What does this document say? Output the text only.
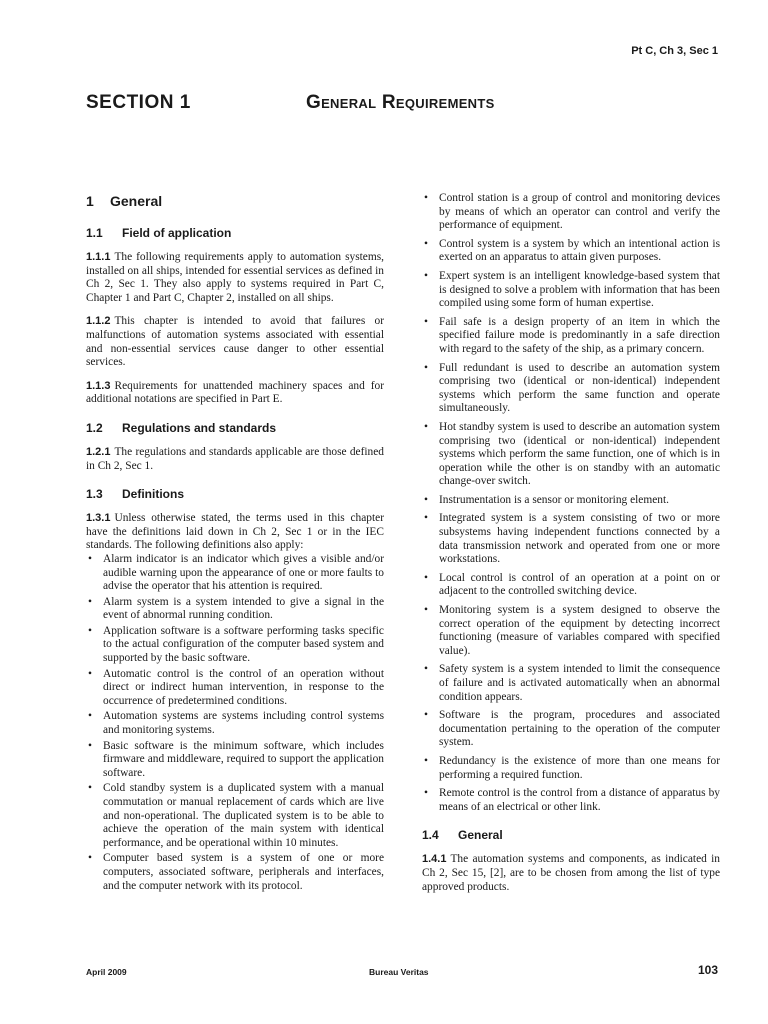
Pt C, Ch 3, Sec 1
SECTION 1	General Requirements
1 General
1.1 Field of application

1.1.1 The following requirements apply to automation systems, installed on all ships, intended for essential services as defined in Ch 2, Sec 1. They also apply to systems required in Part C, Chapter 1 and Part C, Chapter 2, installed on all ships.

1.1.2 This chapter is intended to avoid that failures or malfunctions of automation systems associated with essential and non-essential services cause danger to other essential services.

1.1.3 Requirements for unattended machinery spaces and for additional notations are specified in Part E.

1.2 Regulations and standards

1.2.1 The regulations and standards applicable are those defined in Ch 2, Sec 1.

1.3 Definitions

1.3.1 Unless otherwise stated, the terms used in this chapter have the definitions laid down in Ch 2, Sec 1 or in the IEC standards. The following definitions also apply:

• Alarm indicator is an indicator which gives a visible and/or audible warning upon the appearance of one or more faults to advise the operator that his attention is required.
• Alarm system is a system intended to give a signal in the event of abnormal running condition.
• Application software is a software performing tasks specific to the actual configuration of the computer based system and supported by the basic software.
• Automatic control is the control of an operation without direct or indirect human intervention, in response to the occurrence of predetermined conditions.
• Automation systems are systems including control systems and monitoring systems.
• Basic software is the minimum software, which includes firmware and middleware, required to support the application software.
• Cold standby system is a duplicated system with a manual commutation or manual replacement of cards which are live and non-operational. The duplicated system is to be able to achieve the operation of the main system with identical performance, and be operational within 10 minutes.
• Computer based system is a system of one or more computers, associated software, peripherals and interfaces, and the computer network with its protocol.
• Control station is a group of control and monitoring devices by means of which an operator can control and verify the performance of equipment.
• Control system is a system by which an intentional action is exerted on an apparatus to attain given purposes.
• Expert system is an intelligent knowledge-based system that is designed to solve a problem with information that has been compiled using some form of human expertise.
• Fail safe is a design property of an item in which the specified failure mode is predominantly in a safe direction with regard to the safety of the ship, as a primary concern.
• Full redundant is used to describe an automation system comprising two (identical or non-identical) independent systems which perform the same function and operate simultaneously.
• Hot standby system is used to describe an automation system comprising two (identical or non-identical) independent systems which perform the same function, one of which is in operation while the other is on standby with an automatic change-over switch.
• Instrumentation is a sensor or monitoring element.
• Integrated system is a system consisting of two or more subsystems having independent functions connected by a data transmission network and operated from one or more workstations.
• Local control is control of an operation at a point on or adjacent to the controlled switching device.
• Monitoring system is a system designed to observe the correct operation of the equipment by detecting incorrect functioning (measure of variables compared with specified value).
• Safety system is a system intended to limit the consequence of failure and is activated automatically when an abnormal condition appears.
• Software is the program, procedures and associated documentation pertaining to the operation of the computer system.
• Redundancy is the existence of more than one means for performing a required function.
• Remote control is the control from a distance of apparatus by means of an electrical or other link.
1.4 General

1.4.1 The automation systems and components, as indicated in Ch 2, Sec 15, [2], are to be chosen from among the list of type approved products.

April 2009	Bureau Veritas	103
